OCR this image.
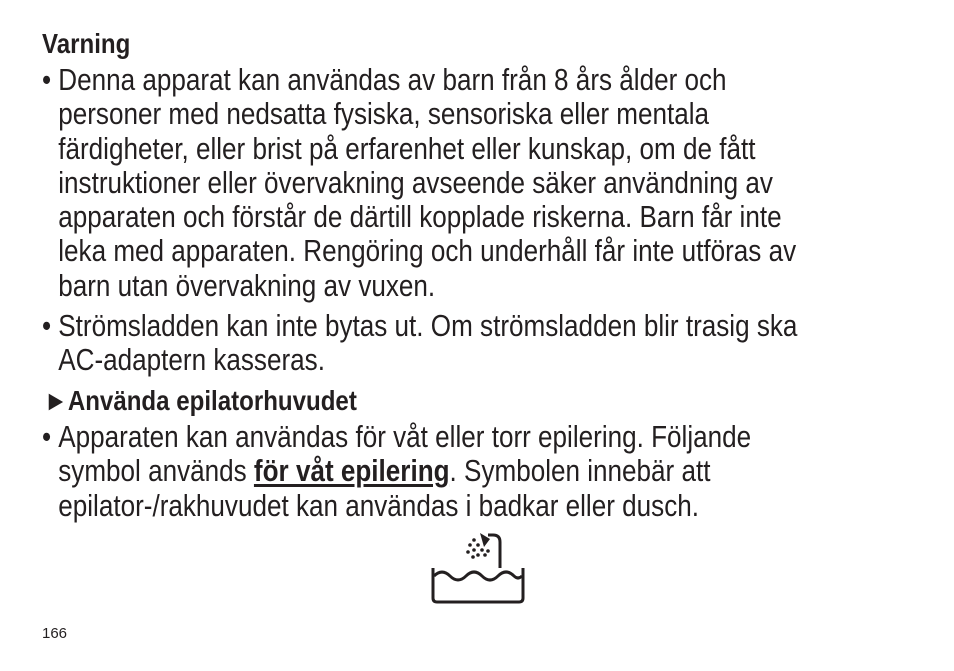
Varning
• Denna apparat kan användas av barn från 8 års ålder och
personer med nedsatta fysiska, sensoriska eller mentala
färdigheter, eller brist på erfarenhet eller kunskap, om de fått
instruktioner eller övervakning avseende säker användning av
apparaten och förstår de därtill kopplade riskerna. Barn får inte
leka med apparaten. Rengöring och underhåll får inte utföras av
barn utan övervakning av vuxen.
• Strömsladden kan inte bytas ut. Om strömsladden blir trasig ska
AC-adaptern kasseras.
►Använda epilatorhuvudet
• Apparaten kan användas för våt eller torr epilering. Följande
symbol används för våt epilering. Symbolen innebär att
epilator-/rakhuvudet kan användas i badkar eller dusch.
166
